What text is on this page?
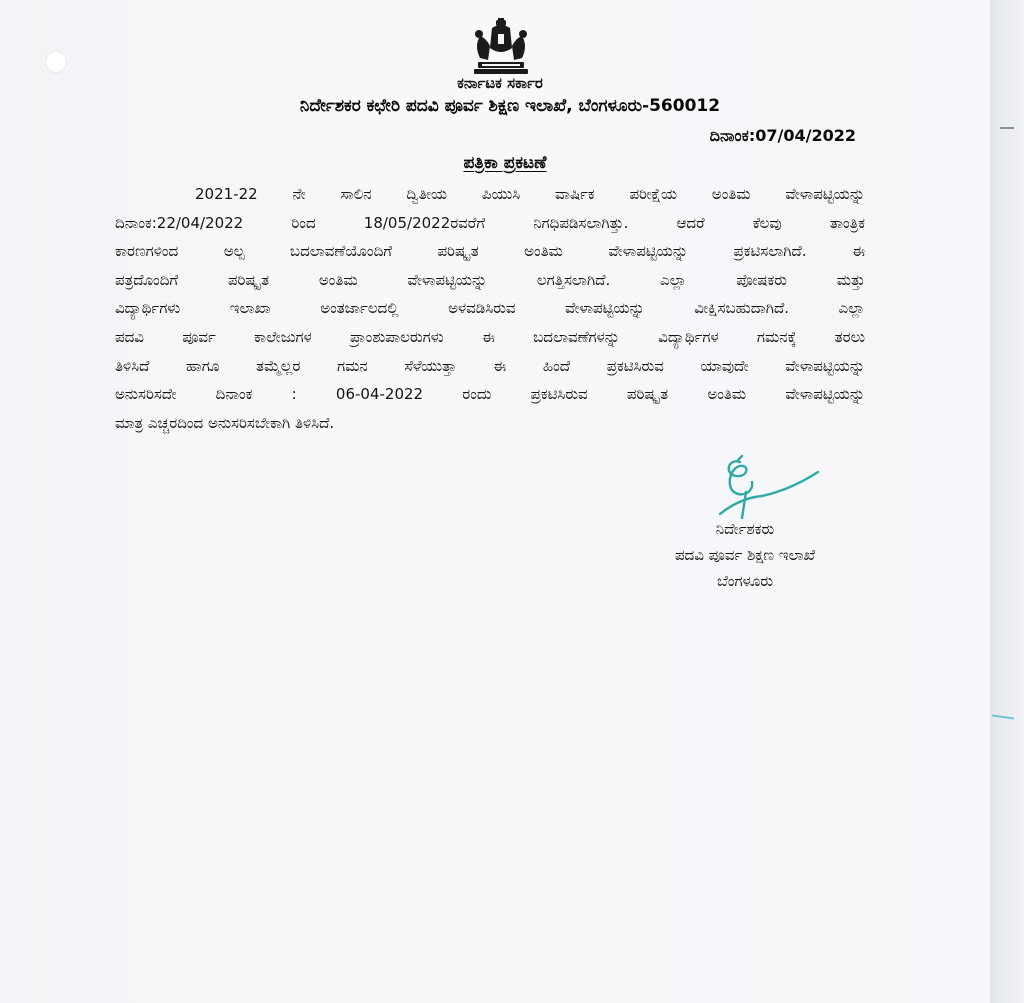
ಕರ್ನಾಟಕ ಸರ್ಕಾರ
ನಿರ್ದೇಶಕರ ಕಛೇರಿ ಪದವಿ ಪೂರ್ವ ಶಿಕ್ಷಣ ಇಲಾಖೆ, ಬೆಂಗಳೂರು-560012
ದಿನಾಂಕ:07/04/2022
ಪತ್ರಿಕಾ ಪ್ರಕಟಣೆ
2021-22 ನೇ ಸಾಲಿನ ದ್ವಿತೀಯ ಪಿಯುಸಿ ವಾರ್ಷಿಕ ಪರೀಕ್ಷೆಯ ಅಂತಿಮ ವೇಳಾಪಟ್ಟಿಯನ್ನು
ದಿನಾಂಕ:22/04/2022 ರಿಂದ 18/05/2022ರವರೆಗೆ ನಿಗಧಿಪಡಿಸಲಾಗಿತ್ತು. ಆದರೆ ಕೆಲವು ತಾಂತ್ರಿಕ
ಕಾರಣಗಳಿಂದ ಅಲ್ಪ ಬದಲಾವಣೆಯೊಂದಿಗೆ ಪರಿಷ್ಕೃತ ಅಂತಿಮ ವೇಳಾಪಟ್ಟಿಯನ್ನು ಪ್ರಕಟಿಸಲಾಗಿದೆ. ಈ
ಪತ್ರದೊಂದಿಗೆ ಪರಿಷ್ಕೃತ ಅಂತಿಮ ವೇಳಾಪಟ್ಟಿಯನ್ನು ಲಗತ್ತಿಸಲಾಗಿದೆ. ಎಲ್ಲಾ ಪೋಷಕರು ಮತ್ತು
ವಿದ್ಯಾರ್ಥಿಗಳು ಇಲಾಖಾ ಅಂತರ್ಜಾಲದಲ್ಲಿ ಅಳವಡಿಸಿರುವ ವೇಳಾಪಟ್ಟಿಯನ್ನು ವೀಕ್ಷಿಸಬಹುದಾಗಿದೆ. ಎಲ್ಲಾ
ಪದವಿ ಪೂರ್ವ ಕಾಲೇಜುಗಳ ಪ್ರಾಂಶುಪಾಲರುಗಳು ಈ ಬದಲಾವಣೆಗಳನ್ನು ವಿದ್ಯಾರ್ಥಿಗಳ ಗಮನಕ್ಕೆ ತರಲು
ತಿಳಿಸಿದೆ ಹಾಗೂ ತಮ್ಮೆಲ್ಲರ ಗಮನ ಸೆಳೆಯುತ್ತಾ ಈ ಹಿಂದೆ ಪ್ರಕಟಿಸಿರುವ ಯಾವುದೇ ವೇಳಾಪಟ್ಟಿಯನ್ನು
ಅನುಸರಿಸದೇ ದಿನಾಂಕ : 06-04-2022 ರಂದು ಪ್ರಕಟಿಸಿರುವ ಪರಿಷ್ಕೃತ ಅಂತಿಮ ವೇಳಾಪಟ್ಟಿಯನ್ನು
ಮಾತ್ರ ಎಚ್ಚರದಿಂದ ಅನುಸರಿಸಬೇಕಾಗಿ ತಿಳಿಸಿದೆ.
ನಿರ್ದೇಶಕರು
ಪದವಿ ಪೂರ್ವ ಶಿಕ್ಷಣ ಇಲಾಖೆ
ಬೆಂಗಳೂರು
